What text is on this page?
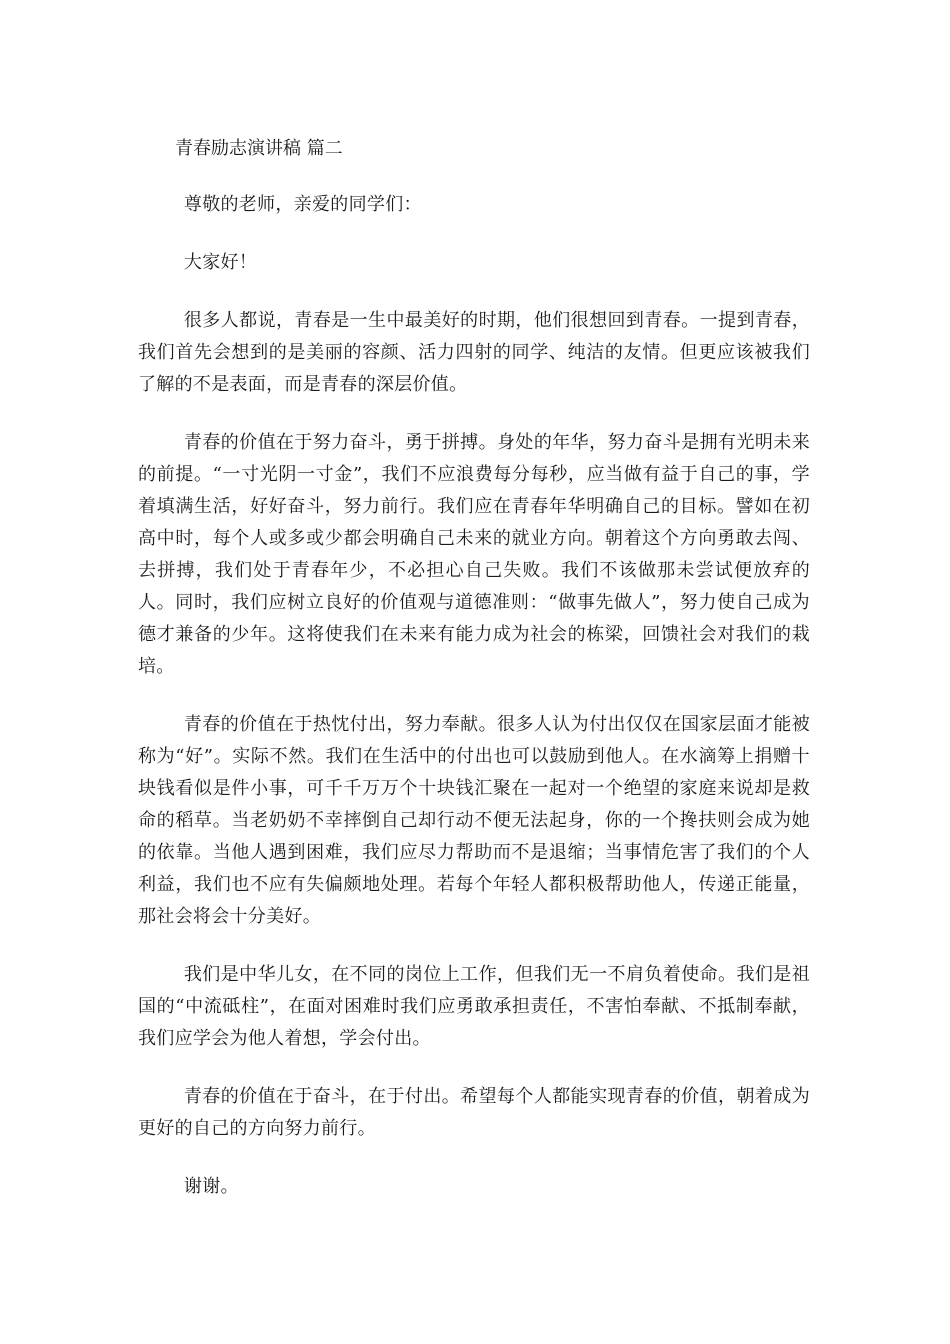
青春励志演讲稿 篇二

尊敬的老师，亲爱的同学们：

大家好！

很多人都说，青春是一生中最美好的时期，他们很想回到青春。一提到青春，我们首先会想到的是美丽的容颜、活力四射的同学、纯洁的友情。但更应该被我们了解的不是表面，而是青春的深层价值。

青春的价值在于努力奋斗，勇于拼搏。身处的年华，努力奋斗是拥有光明未来的前提。“一寸光阴一寸金”，我们不应浪费每分每秒，应当做有益于自己的事，学着填满生活，好好奋斗，努力前行。我们应在青春年华明确自己的目标。譬如在初高中时，每个人或多或少都会明确自己未来的就业方向。朝着这个方向勇敢去闯、去拼搏，我们处于青春年少，不必担心自己失败。我们不该做那未尝试便放弃的人。同时，我们应树立良好的价值观与道德准则：“做事先做人”，努力使自己成为德才兼备的少年。这将使我们在未来有能力成为社会的栋梁，回馈社会对我们的栽培。

青春的价值在于热忱付出，努力奉献。很多人认为付出仅仅在国家层面才能被称为“好”。实际不然。我们在生活中的付出也可以鼓励到他人。在水滴筹上捐赠十块钱看似是件小事，可千千万万个十块钱汇聚在一起对一个绝望的家庭来说却是救命的稻草。当老奶奶不幸摔倒自己却行动不便无法起身，你的一个搀扶则会成为她的依靠。当他人遇到困难，我们应尽力帮助而不是退缩；当事情危害了我们的个人利益，我们也不应有失偏颇地处理。若每个年轻人都积极帮助他人，传递正能量，那社会将会十分美好。

我们是中华儿女，在不同的岗位上工作，但我们无一不肩负着使命。我们是祖国的“中流砥柱”，在面对困难时我们应勇敢承担责任，不害怕奉献、不抵制奉献，我们应学会为他人着想，学会付出。

青春的价值在于奋斗，在于付出。希望每个人都能实现青春的价值，朝着成为更好的自己的方向努力前行。

谢谢。
